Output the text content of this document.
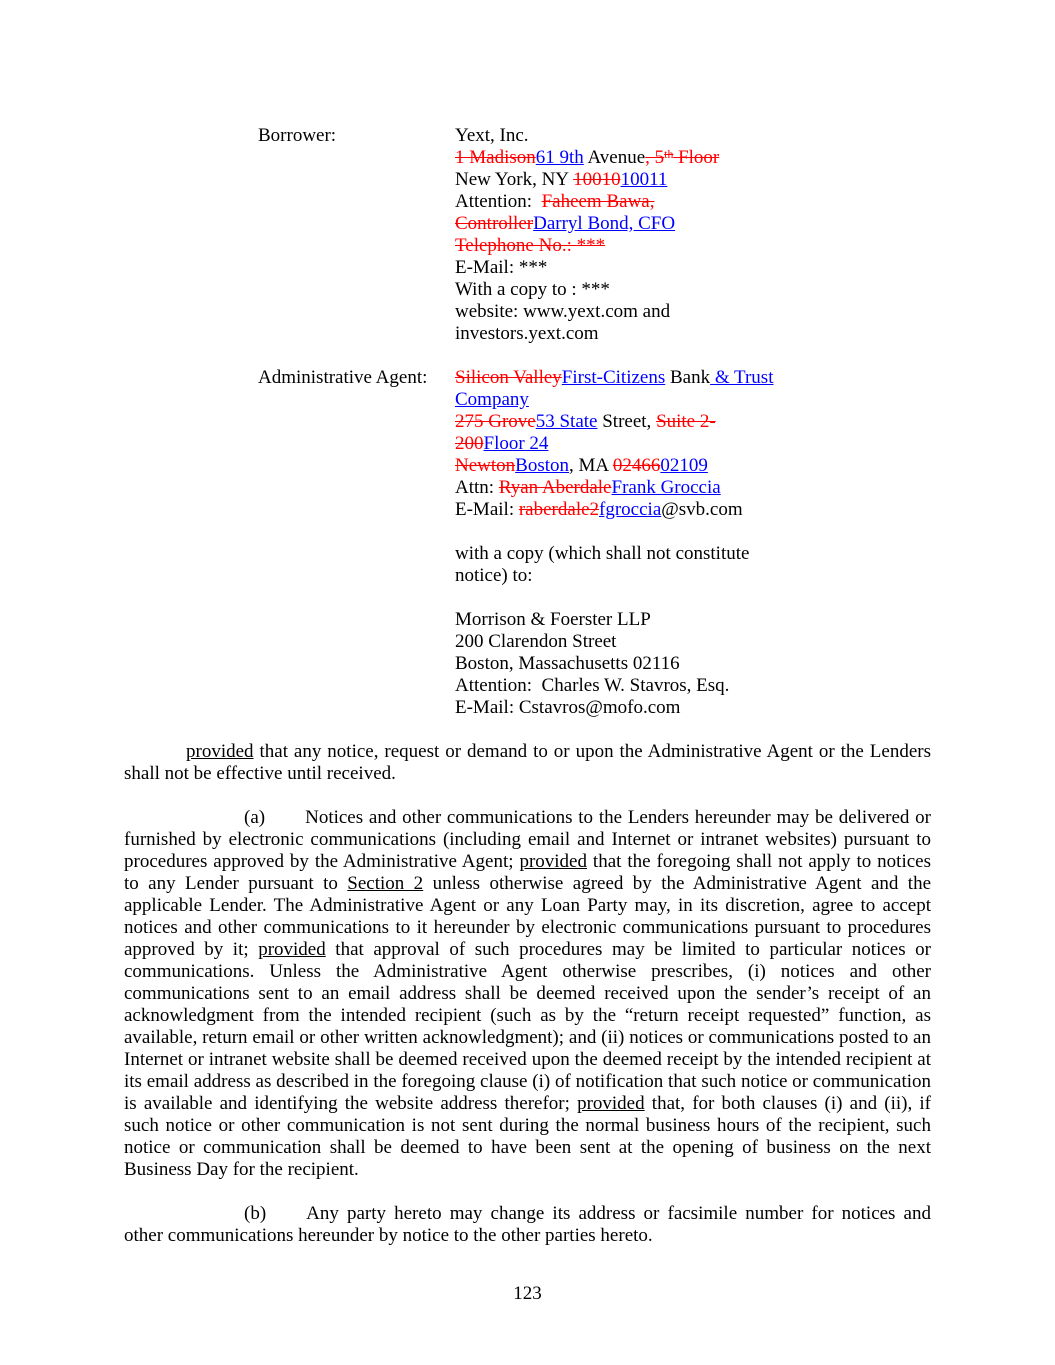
Borrower:	Yext, Inc.
1 Madison61 9th Avenue, 5th Floor
New York, NY 1001010011
Attention:  Faheem Bawa,
ControllerDarryl Bond, CFO
Telephone No.: ***
E-Mail: ***
With a copy to : ***
website: www.yext.com and
investors.yext.com
Administrative Agent:	Silicon ValleyFirst-Citizens Bank & Trust
Company
275 Grove53 State Street, Suite 2-
200Floor 24
NewtonBoston, MA 0246602109
Attn: Ryan AberdaleFrank Groccia
E-Mail: raberdale2fgroccia@svb.com
with a copy (which shall not constitute
notice) to:
Morrison & Foerster LLP
200 Clarendon Street
Boston, Massachusetts 02116
Attention:  Charles W. Stavros, Esq.
E-Mail: Cstavros@mofo.com

provided that any notice, request or demand to or upon the Administrative Agent or the Lenders shall not be effective until received.

(a) Notices and other communications to the Lenders hereunder may be delivered or furnished by electronic communications (including email and Internet or intranet websites) pursuant to procedures approved by the Administrative Agent; provided that the foregoing shall not apply to notices to any Lender pursuant to Section 2 unless otherwise agreed by the Administrative Agent and the applicable Lender. The Administrative Agent or any Loan Party may, in its discretion, agree to accept notices and other communications to it hereunder by electronic communications pursuant to procedures approved by it; provided that approval of such procedures may be limited to particular notices or communications. Unless the Administrative Agent otherwise prescribes, (i) notices and other communications sent to an email address shall be deemed received upon the sender’s receipt of an acknowledgment from the intended recipient (such as by the “return receipt requested” function, as available, return email or other written acknowledgment); and (ii) notices or communications posted to an Internet or intranet website shall be deemed received upon the deemed receipt by the intended recipient at its email address as described in the foregoing clause (i) of notification that such notice or communication is available and identifying the website address therefor; provided that, for both clauses (i) and (ii), if such notice or other communication is not sent during the normal business hours of the recipient, such notice or communication shall be deemed to have been sent at the opening of business on the next Business Day for the recipient.

(b) Any party hereto may change its address or facsimile number for notices and other communications hereunder by notice to the other parties hereto.

123
